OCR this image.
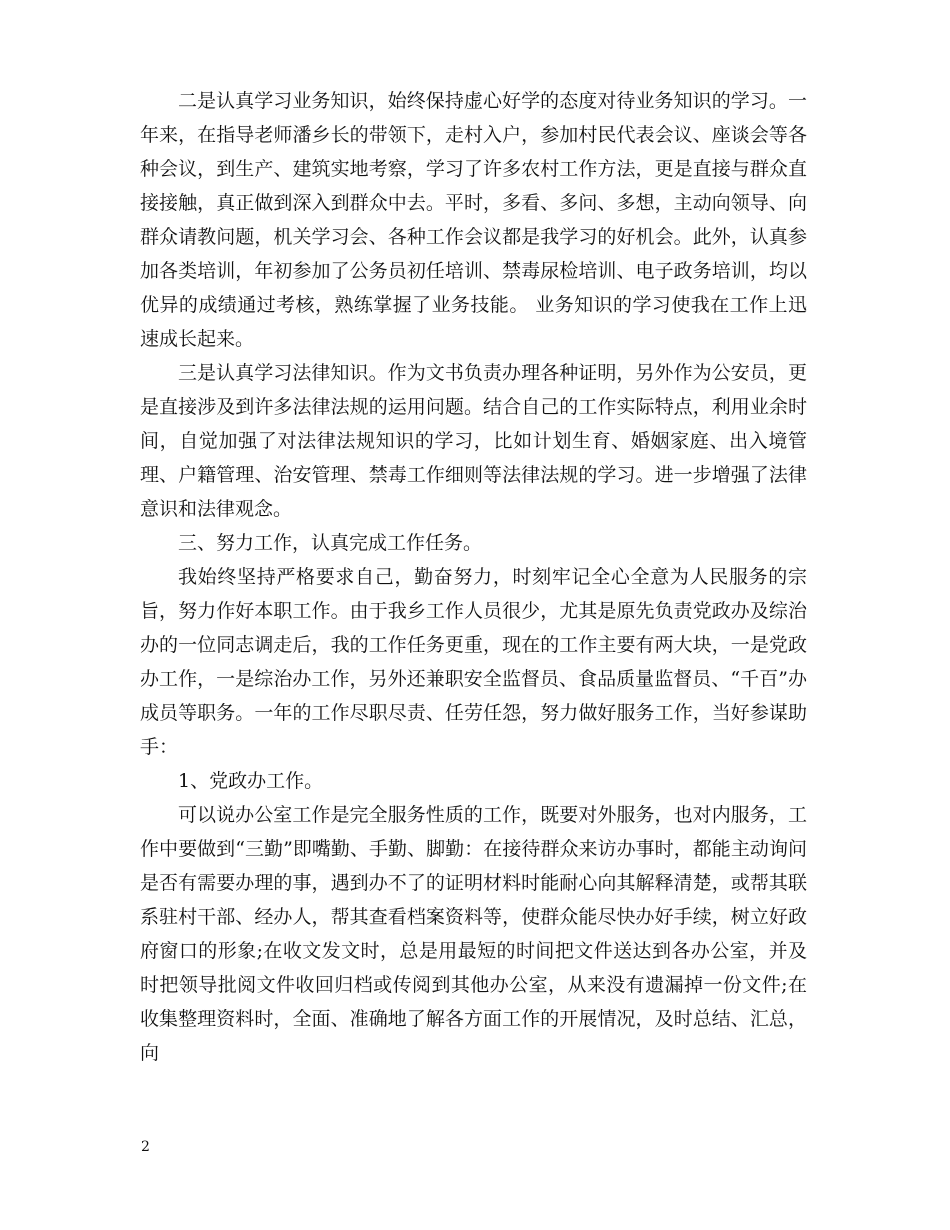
二是认真学习业务知识，始终保持虚心好学的态度对待业务知识的学习。一年来，在指导老师潘乡长的带领下，走村入户，参加村民代表会议、座谈会等各种会议，到生产、建筑实地考察，学习了许多农村工作方法，更是直接与群众直接接触，真正做到深入到群众中去。平时，多看、多问、多想，主动向领导、向群众请教问题，机关学习会、各种工作会议都是我学习的好机会。此外，认真参加各类培训，年初参加了公务员初任培训、禁毒尿检培训、电子政务培训，均以优异的成绩通过考核，熟练掌握了业务技能。 业务知识的学习使我在工作上迅速成长起来。

三是认真学习法律知识。作为文书负责办理各种证明，另外作为公安员，更是直接涉及到许多法律法规的运用问题。结合自己的工作实际特点，利用业余时间，自觉加强了对法律法规知识的学习，比如计划生育、婚姻家庭、出入境管理、户籍管理、治安管理、禁毒工作细则等法律法规的学习。进一步增强了法律意识和法律观念。

三、努力工作，认真完成工作任务。

我始终坚持严格要求自己，勤奋努力，时刻牢记全心全意为人民服务的宗旨，努力作好本职工作。由于我乡工作人员很少，尤其是原先负责党政办及综治办的一位同志调走后，我的工作任务更重，现在的工作主要有两大块，一是党政办工作，一是综治办工作，另外还兼职安全监督员、食品质量监督员、“千百”办成员等职务。一年的工作尽职尽责、任劳任怨，努力做好服务工作，当好参谋助手：

1、党政办工作。

可以说办公室工作是完全服务性质的工作，既要对外服务，也对内服务，工作中要做到“三勤”即嘴勤、手勤、脚勤：在接待群众来访办事时，都能主动询问是否有需要办理的事，遇到办不了的证明材料时能耐心向其解释清楚，或帮其联系驻村干部、经办人，帮其查看档案资料等，使群众能尽快办好手续，树立好政府窗口的形象;在收文发文时，总是用最短的时间把文件送达到各办公室，并及时把领导批阅文件收回归档或传阅到其他办公室，从来没有遗漏掉一份文件;在收集整理资料时，全面、准确地了解各方面工作的开展情况，及时总结、汇总，向

2
